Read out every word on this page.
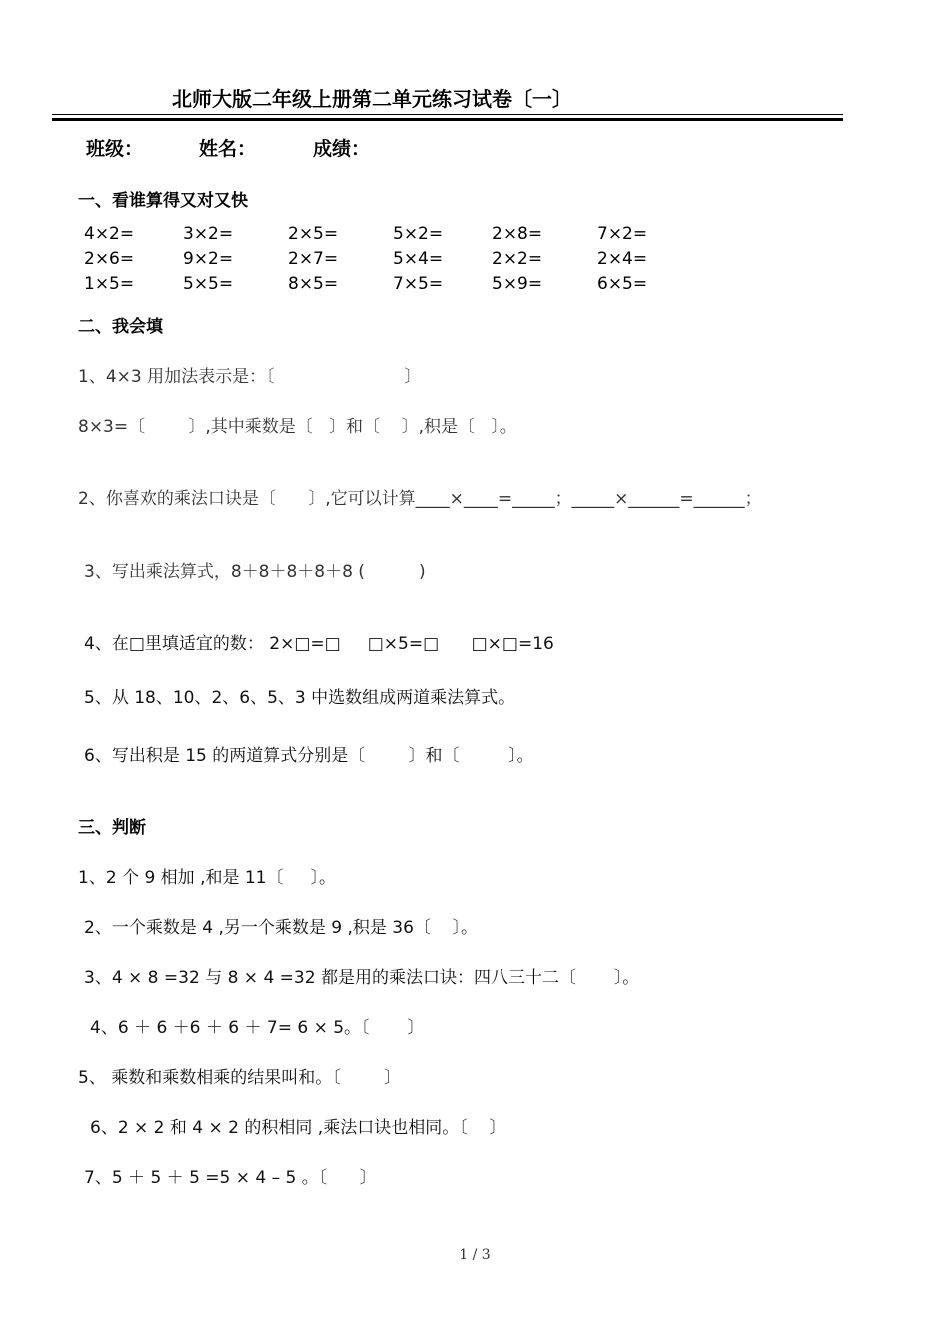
北师大版二年级上册第二单元练习试卷〔一〕
班级：	姓名：	成绩：
一、看谁算得又对又快
4×2=	3×2=	2×5=	5×2=	2×8=	7×2=
2×6=	9×2=	2×7=	5×4=	2×2=	2×4=
1×5=	5×5=	8×5=	7×5=	5×9=	6×5=
二、我会填
1、4×3 用加法表示是：〔                        〕
8×3=〔        〕,其中乘数是〔   〕和〔    〕,积是〔   〕。
2、你喜欢的乘法口诀是〔      〕,它可以计算____×____=_____；_____×______=______；
3、写出乘法算式，8＋8＋8＋8＋8 (          )
4、在□里填适宜的数： 2×□=□     □×5=□      □×□=16
5、从 18、10、2、6、5、3 中选数组成两道乘法算式。
6、写出积是 15 的两道算式分别是〔        〕和〔         〕。
三、判断
1、2 个 9 相加 ,和是 11〔     〕。
2、一个乘数是 4 ,另一个乘数是 9 ,积是 36〔    〕。
3、4 × 8 =32 与 8 × 4 =32 都是用的乘法口诀：四八三十二〔       〕。
4、6 ＋ 6 ＋6 ＋ 6 ＋ 7= 6 × 5。〔       〕
5、 乘数和乘数相乘的结果叫和。〔        〕
6、2 × 2 和 4 × 2 的积相同 ,乘法口诀也相同。〔    〕
7、5 ＋ 5 ＋ 5 =5 × 4 – 5 。〔      〕
1 / 3
